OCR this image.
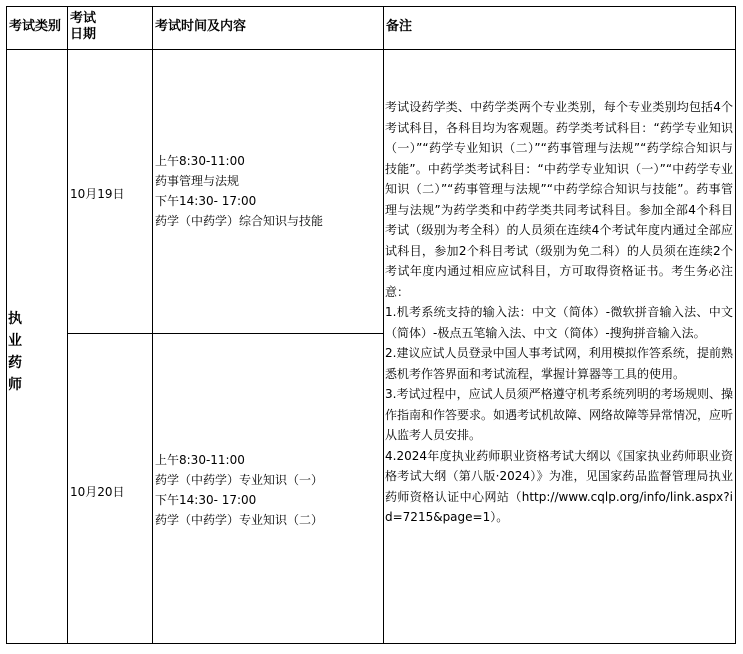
考试类别
考试
日期
考试时间及内容	备注
执
业
药
师
10月19日
上午8:30-11:00
药事管理与法规
下午14:30- 17:00
药学（中药学）综合知识与技能
10月20日
上午8:30-11:00
药学（中药学）专业知识（一）
下午14:30- 17:00
药学（中药学）专业知识（二）

考试设药学类、中药学类两个专业类别，每个专业类别均包括4个考试科目，各科目均为客观题。药学类考试科目：“药学专业知识（一）”“药学专业知识（二）”“药事管理与法规”“药学综合知识与技能”。中药学类考试科目：“中药学专业知识（一）”“中药学专业知识（二）”“药事管理与法规”“中药学综合知识与技能”。药事管理与法规”为药学类和中药学类共同考试科目。参加全部4个科目考试（级别为考全科）的人员须在连续4个考试年度内通过全部应试科目，参加2个科目考试（级别为免二科）的人员须在连续2个考试年度内通过相应应试科目，方可取得资格证书。考生务必注意：

1.机考系统支持的输入法：中文（简体）-微软拼音输入法、中文（简体）-极点五笔输入法、中文（简体）-搜狗拼音输入法。

2.建议应试人员登录中国人事考试网，利用模拟作答系统，提前熟悉机考作答界面和考试流程，掌握计算器等工具的使用。

3.考试过程中，应试人员须严格遵守机考系统列明的考场规则、操作指南和作答要求。如遇考试机故障、网络故障等异常情况，应听从监考人员安排。

4.2024年度执业药师职业资格考试大纲以《国家执业药师职业资格考试大纲（第八版·2024）》为准，见国家药品监督管理局执业药师资格认证中心网站（http://www.cqlp.org/info/link.aspx?id=7215&page=1）。
